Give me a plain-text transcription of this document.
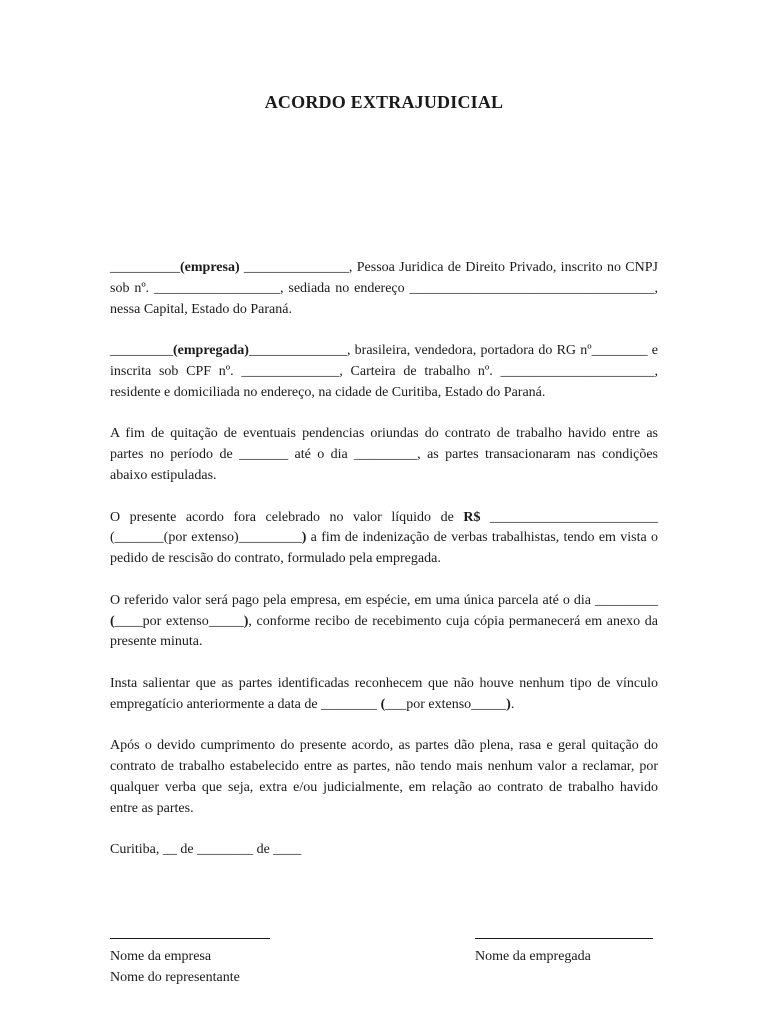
ACORDO EXTRAJUDICIAL

__________(empresa) _______________, Pessoa Juridica de Direito Privado, inscrito no CNPJ sob nº. __________________, sediada no endereço ___________________________________, nessa Capital, Estado do Paraná.

_________(empregada)______________, brasileira, vendedora, portadora do RG nº________ e inscrita sob CPF nº. ______________, Carteira de trabalho nº. ______________________, residente e domiciliada no endereço, na cidade de Curitiba, Estado do Paraná.

A fim de quitação de eventuais pendencias oriundas do contrato de trabalho havido entre as partes no período de _______ até o dia _________, as partes transacionaram nas condições abaixo estipuladas.

O presente acordo fora celebrado no valor líquido de R$ ________________________ (_______(por extenso)_________) a fim de indenização de verbas trabalhistas, tendo em vista o pedido de rescisão do contrato, formulado pela empregada.

O referido valor será pago pela empresa, em espécie, em uma única parcela até o dia _________ (____por extenso_____), conforme recibo de recebimento cuja cópia permanecerá em anexo da presente minuta.

Insta salientar que as partes identificadas reconhecem que não houve nenhum tipo de vínculo empregatício anteriormente a data de ________ (___por extenso_____).

Após o devido cumprimento do presente acordo, as partes dão plena, rasa e geral quitação do contrato de trabalho estabelecido entre as partes, não tendo mais nenhum valor a reclamar, por qualquer verba que seja, extra e/ou judicialmente, em relação ao contrato de trabalho havido entre as partes.

Curitiba, __ de ________ de ____

Nome da empresa
Nome do representante
Nome da empregada
